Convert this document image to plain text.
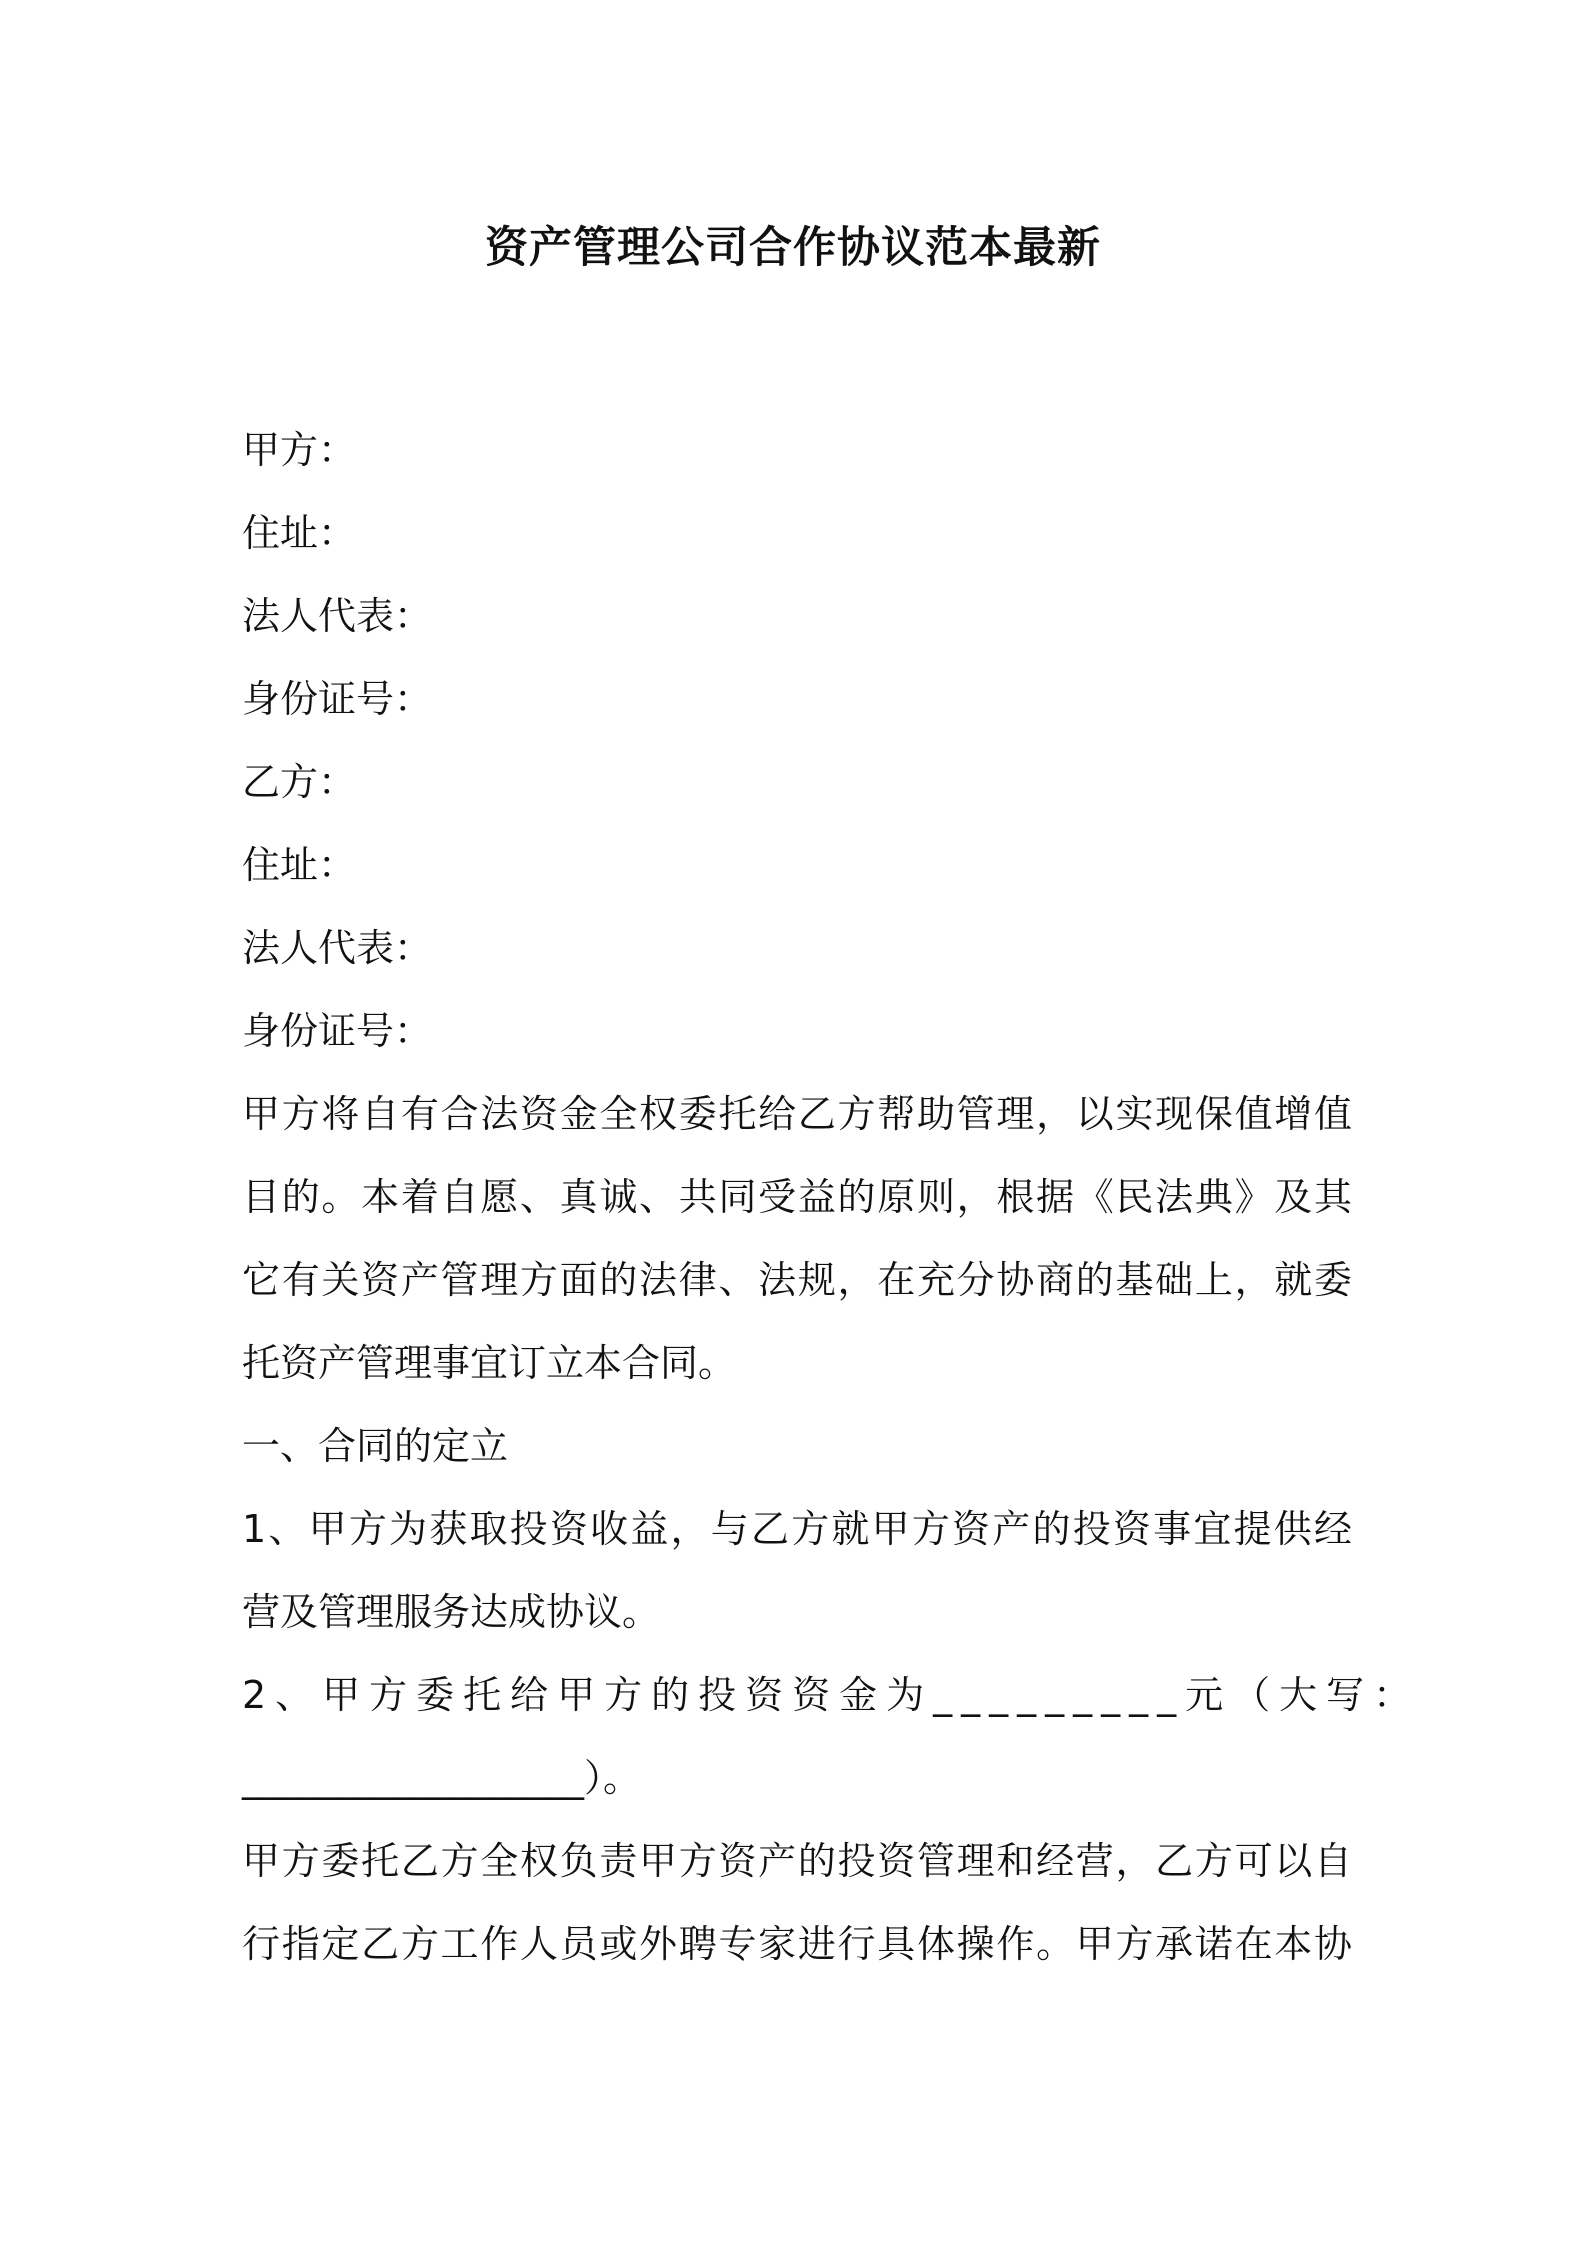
资产管理公司合作协议范本最新
甲方：
住址：
法人代表：
身份证号：
乙方：
住址：
法人代表：
身份证号：
甲方将自有合法资金全权委托给乙方帮助管理，以实现保值增值
目的。本着自愿、真诚、共同受益的原则，根据《民法典》及其
它有关资产管理方面的法律、法规，在充分协商的基础上，就委
托资产管理事宜订立本合同。
一、合同的定立
1、甲方为获取投资收益，与乙方就甲方资产的投资事宜提供经
营及管理服务达成协议。
2、甲方委托给甲方的投资资金为_________元（大写：
__________________）。
甲方委托乙方全权负责甲方资产的投资管理和经营，乙方可以自
行指定乙方工作人员或外聘专家进行具体操作。甲方承诺在本协
